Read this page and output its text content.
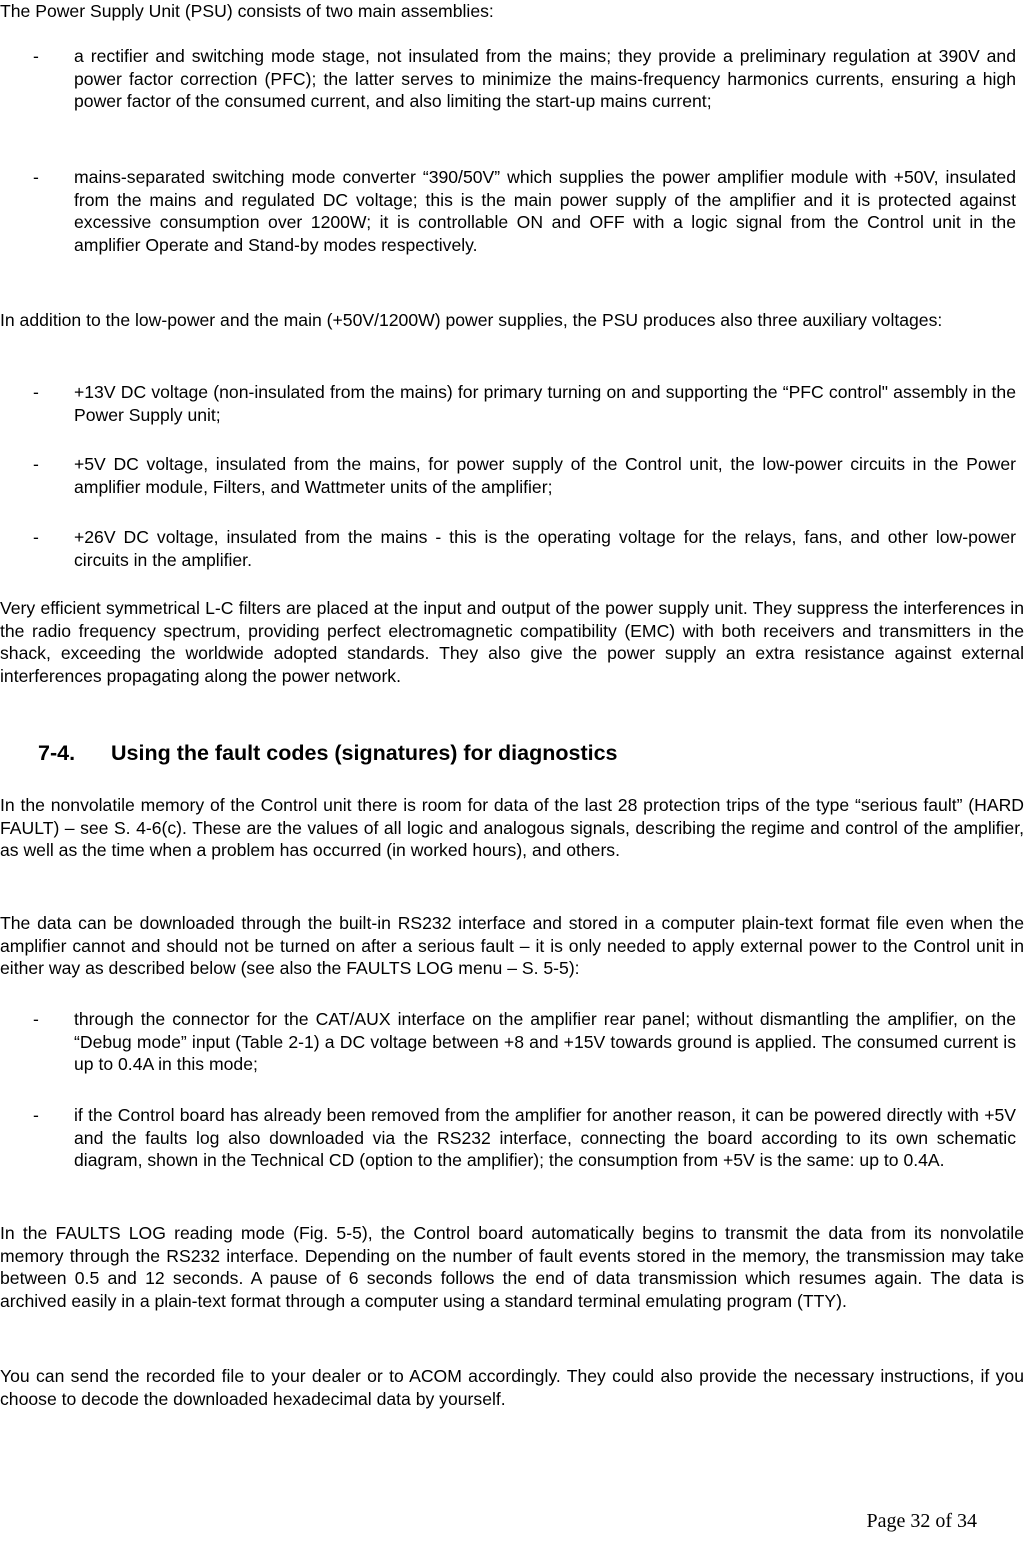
The Power Supply Unit (PSU) consists of two main assemblies:

- a rectifier and switching mode stage, not insulated from the mains; they provide a preliminary regulation at 390V and power factor correction (PFC); the latter serves to minimize the mains-frequency harmonics currents, ensuring a high power factor of the consumed current, and also limiting the start-up mains current;

- mains-separated switching mode converter “390/50V” which supplies the power amplifier module with +50V, insulated from the mains and regulated DC voltage; this is the main power supply of the amplifier and it is protected against excessive consumption over 1200W; it is controllable ON and OFF with a logic signal from the Control unit in the amplifier Operate and Stand-by modes respectively.

In addition to the low-power and the main (+50V/1200W) power supplies, the PSU produces also three auxiliary voltages:

- +13V DC voltage (non-insulated from the mains) for primary turning on and supporting the “PFC control" assembly in the Power Supply unit;

- +5V DC voltage, insulated from the mains, for power supply of the Control unit, the low-power circuits in the Power amplifier module, Filters, and Wattmeter units of the amplifier;

- +26V DC voltage, insulated from the mains - this is the operating voltage for the relays, fans, and other low-power circuits in the amplifier.

Very efficient symmetrical L-C filters are placed at the input and output of the power supply unit. They suppress the interferences in the radio frequency spectrum, providing perfect electromagnetic compatibility (EMC) with both receivers and transmitters in the shack, exceeding the worldwide adopted standards. They also give the power supply an extra resistance against external interferences propagating along the power network.

7-4. Using the fault codes (signatures) for diagnostics

In the nonvolatile memory of the Control unit there is room for data of the last 28 protection trips of the type “serious fault” (HARD FAULT) – see S. 4-6(c). These are the values of all logic and analogous signals, describing the regime and control of the amplifier, as well as the time when a problem has occurred (in worked hours), and others.

The data can be downloaded through the built-in RS232 interface and stored in a computer plain-text format file even when the amplifier cannot and should not be turned on after a serious fault – it is only needed to apply external power to the Control unit in either way as described below (see also the FAULTS LOG menu – S. 5-5):

- through the connector for the CAT/AUX interface on the amplifier rear panel; without dismantling the amplifier, on the “Debug mode” input (Table 2-1) a DC voltage between +8 and +15V towards ground is applied. The consumed current is up to 0.4A in this mode;

- if the Control board has already been removed from the amplifier for another reason, it can be powered directly with +5V and the faults log also downloaded via the RS232 interface, connecting the board according to its own schematic diagram, shown in the Technical CD (option to the amplifier); the consumption from +5V is the same: up to 0.4A.

In the FAULTS LOG reading mode (Fig. 5-5), the Control board automatically begins to transmit the data from its nonvolatile memory through the RS232 interface. Depending on the number of fault events stored in the memory, the transmission may take between 0.5 and 12 seconds. A pause of 6 seconds follows the end of data transmission which resumes again. The data is archived easily in a plain-text format through a computer using a standard terminal emulating program (TTY).

You can send the recorded file to your dealer or to ACOM accordingly. They could also provide the necessary instructions, if you choose to decode the downloaded hexadecimal data by yourself.

Page 32 of 34
